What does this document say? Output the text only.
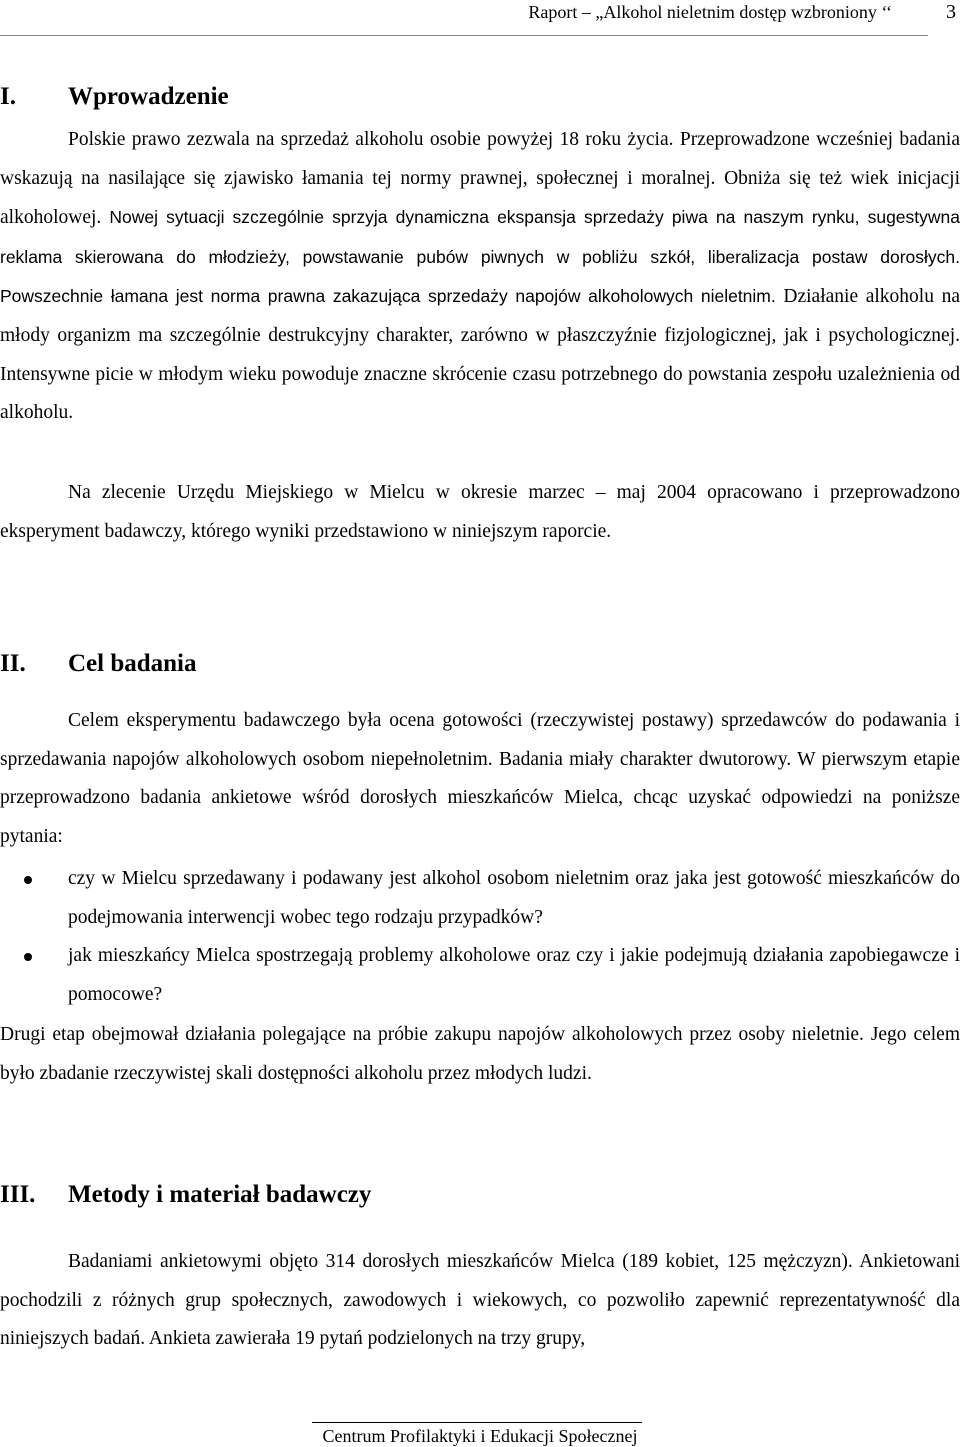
Raport – „Alkohol nieletnim dostęp wzbroniony ‘‘	3
I.	Wprowadzenie
Polskie prawo zezwala na sprzedaż alkoholu osobie powyżej 18 roku życia. Przeprowadzone wcześniej badania wskazują na nasilające się zjawisko łamania tej normy prawnej, społecznej i moralnej. Obniża się też wiek inicjacji alkoholowej. Nowej sytuacji szczególnie sprzyja dynamiczna ekspansja sprzedaży piwa na naszym rynku, sugestywna reklama skierowana do młodzieży, powstawanie pubów piwnych w pobliżu szkół, liberalizacja postaw dorosłych. Powszechnie łamana jest norma prawna zakazująca sprzedaży napojów alkoholowych nieletnim. Działanie alkoholu na młody organizm ma szczególnie destrukcyjny charakter, zarówno w płaszczyźnie fizjologicznej, jak i psychologicznej. Intensywne picie w młodym wieku powoduje znaczne skrócenie czasu potrzebnego do powstania zespołu uzależnienia od alkoholu.
Na zlecenie Urzędu Miejskiego w Mielcu w okresie marzec – maj 2004 opracowano i przeprowadzono eksperyment badawczy, którego wyniki przedstawiono w niniejszym raporcie.
II.	Cel badania
Celem eksperymentu badawczego była ocena gotowości (rzeczywistej postawy) sprzedawców do podawania i sprzedawania napojów alkoholowych osobom niepełnoletnim. Badania miały charakter dwutorowy. W pierwszym etapie przeprowadzono badania ankietowe wśród dorosłych mieszkańców Mielca, chcąc uzyskać odpowiedzi na poniższe pytania:
czy w Mielcu sprzedawany i podawany jest alkohol osobom nieletnim oraz jaka jest gotowość mieszkańców do podejmowania interwencji wobec tego rodzaju przypadków?
jak mieszkańcy Mielca spostrzegają problemy alkoholowe oraz czy i jakie podejmują działania zapobiegawcze i pomocowe?
Drugi etap obejmował działania polegające na próbie zakupu napojów alkoholowych przez osoby nieletnie. Jego celem było zbadanie rzeczywistej skali dostępności alkoholu przez młodych ludzi.
III.	Metody i materiał badawczy
Badaniami ankietowymi objęto 314 dorosłych mieszkańców Mielca (189 kobiet, 125 mężczyzn). Ankietowani pochodzili z różnych grup społecznych, zawodowych i wiekowych, co pozwoliło zapewnić reprezentatywność dla niniejszych badań. Ankieta zawierała 19 pytań podzielonych na trzy grupy,
Centrum Profilaktyki i Edukacji Społecznej
